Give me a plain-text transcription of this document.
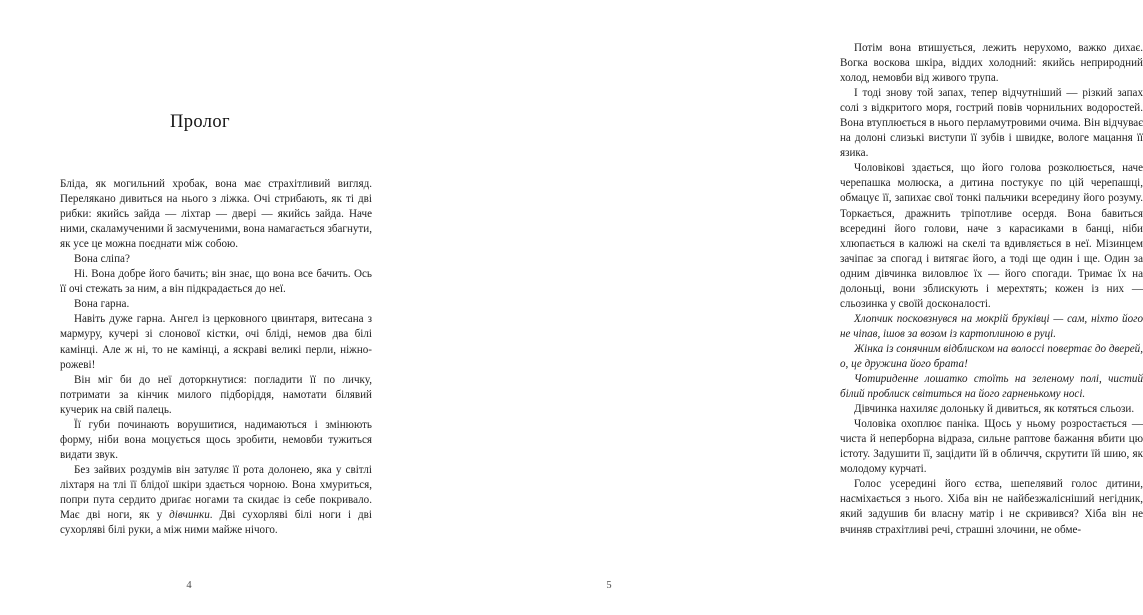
Пролог

Бліда, як могильний хробак, вона має страхітливий вигляд. Перелякано дивиться на нього з ліжка. Очі стрибають, як ті дві рибки: якийсь зайда — ліхтар — двері — якийсь зайда. Наче ними, скаламученими й засмученими, вона намагається збагнути, як усе це можна поєднати між собою.

Вона сліпа?

Ні. Вона добре його бачить; він знає, що вона все бачить. Ось її очі стежать за ним, а він підкрадається до неї.

Вона гарна.

Навіть дуже гарна. Ангел із церковного цвинтаря, витесана з мармуру, кучері зі слонової кістки, очі бліді, немов два білі камінці. Але ж ні, то не камінці, а яскраві великі перли, ніжно-рожеві!

Він міг би до неї доторкнутися: погладити її по личку, потримати за кінчик милого підборіддя, намотати білявий кучерик на свій палець.

Її губи починають ворушитися, надимаються і змінюють форму, ніби вона моцується щось зробити, немовби тужиться видати звук.

Без зайвих роздумів він затуляє її рота долонею, яка у світлі ліхтаря на тлі її блідої шкіри здається чорною. Вона хмуриться, попри пута сердито дриґає ногами та скидає із себе покривало. Має дві ноги, як у дівчинки. Дві сухорляві білі ноги і дві сухорляві білі руки, а між ними майже нічого.

4

Потім вона втишується, лежить нерухомо, важко дихає. Вогка воскова шкіра, віддих холодний: якийсь неприродний холод, немовби від живого трупа.

І тоді знову той запах, тепер відчутніший — різкий запах солі з відкритого моря, гострий повів чорнильних водоростей. Вона втуплюється в нього перламутровими очима. Він відчуває на долоні слизькі виступи її зубів і швидке, вологе мацання її язика.

Чоловікові здається, що його голова розколюється, наче черепашка молюска, а дитина постукує по цій черепашці, обмацує її, запихає свої тонкі пальчики всередину його розуму. Торкається, дражнить тріпотливе осердя. Вона бавиться всередині його голови, наче з карасиками в банці, ніби хлюпається в калюжі на скелі та вдивляється в неї. Мізинцем зачіпає за спогад і витягає його, а тоді ще один і ще. Один за одним дівчинка виловлює їх — його спогади. Тримає їх на долоньці, вони зблискують і мерехтять; кожен із них — сльозинка у своїй досконалості.

Хлопчик посковзнувся на мокрій бруківці — сам, ніхто його не чіпав, ішов за возом із картоплиною в руці.

Жінка із сонячним відблиском на волоссі повертає до дверей, о, це дружина його брата!

Чотириденне лошатко стоїть на зеленому полі, чистий білий проблиск світиться на його гарненькому носі.

Дівчинка нахиляє долоньку й дивиться, як котяться сльози.

Чоловіка охоплює паніка. Щось у ньому розростається — чиста й неперборна відраза, сильне раптове бажання вбити цю істоту. Задушити її, зацідити їй в обличчя, скрутити їй шию, як молодому курчаті.

Голос усередині його єства, шепелявий голос дитини, насміхається з нього. Хіба він не найбезжалісніший негідник, який задушив би власну матір і не скривився? Хіба він не вчиняв страхітливі речі, страшні злочини, не обме-

5
